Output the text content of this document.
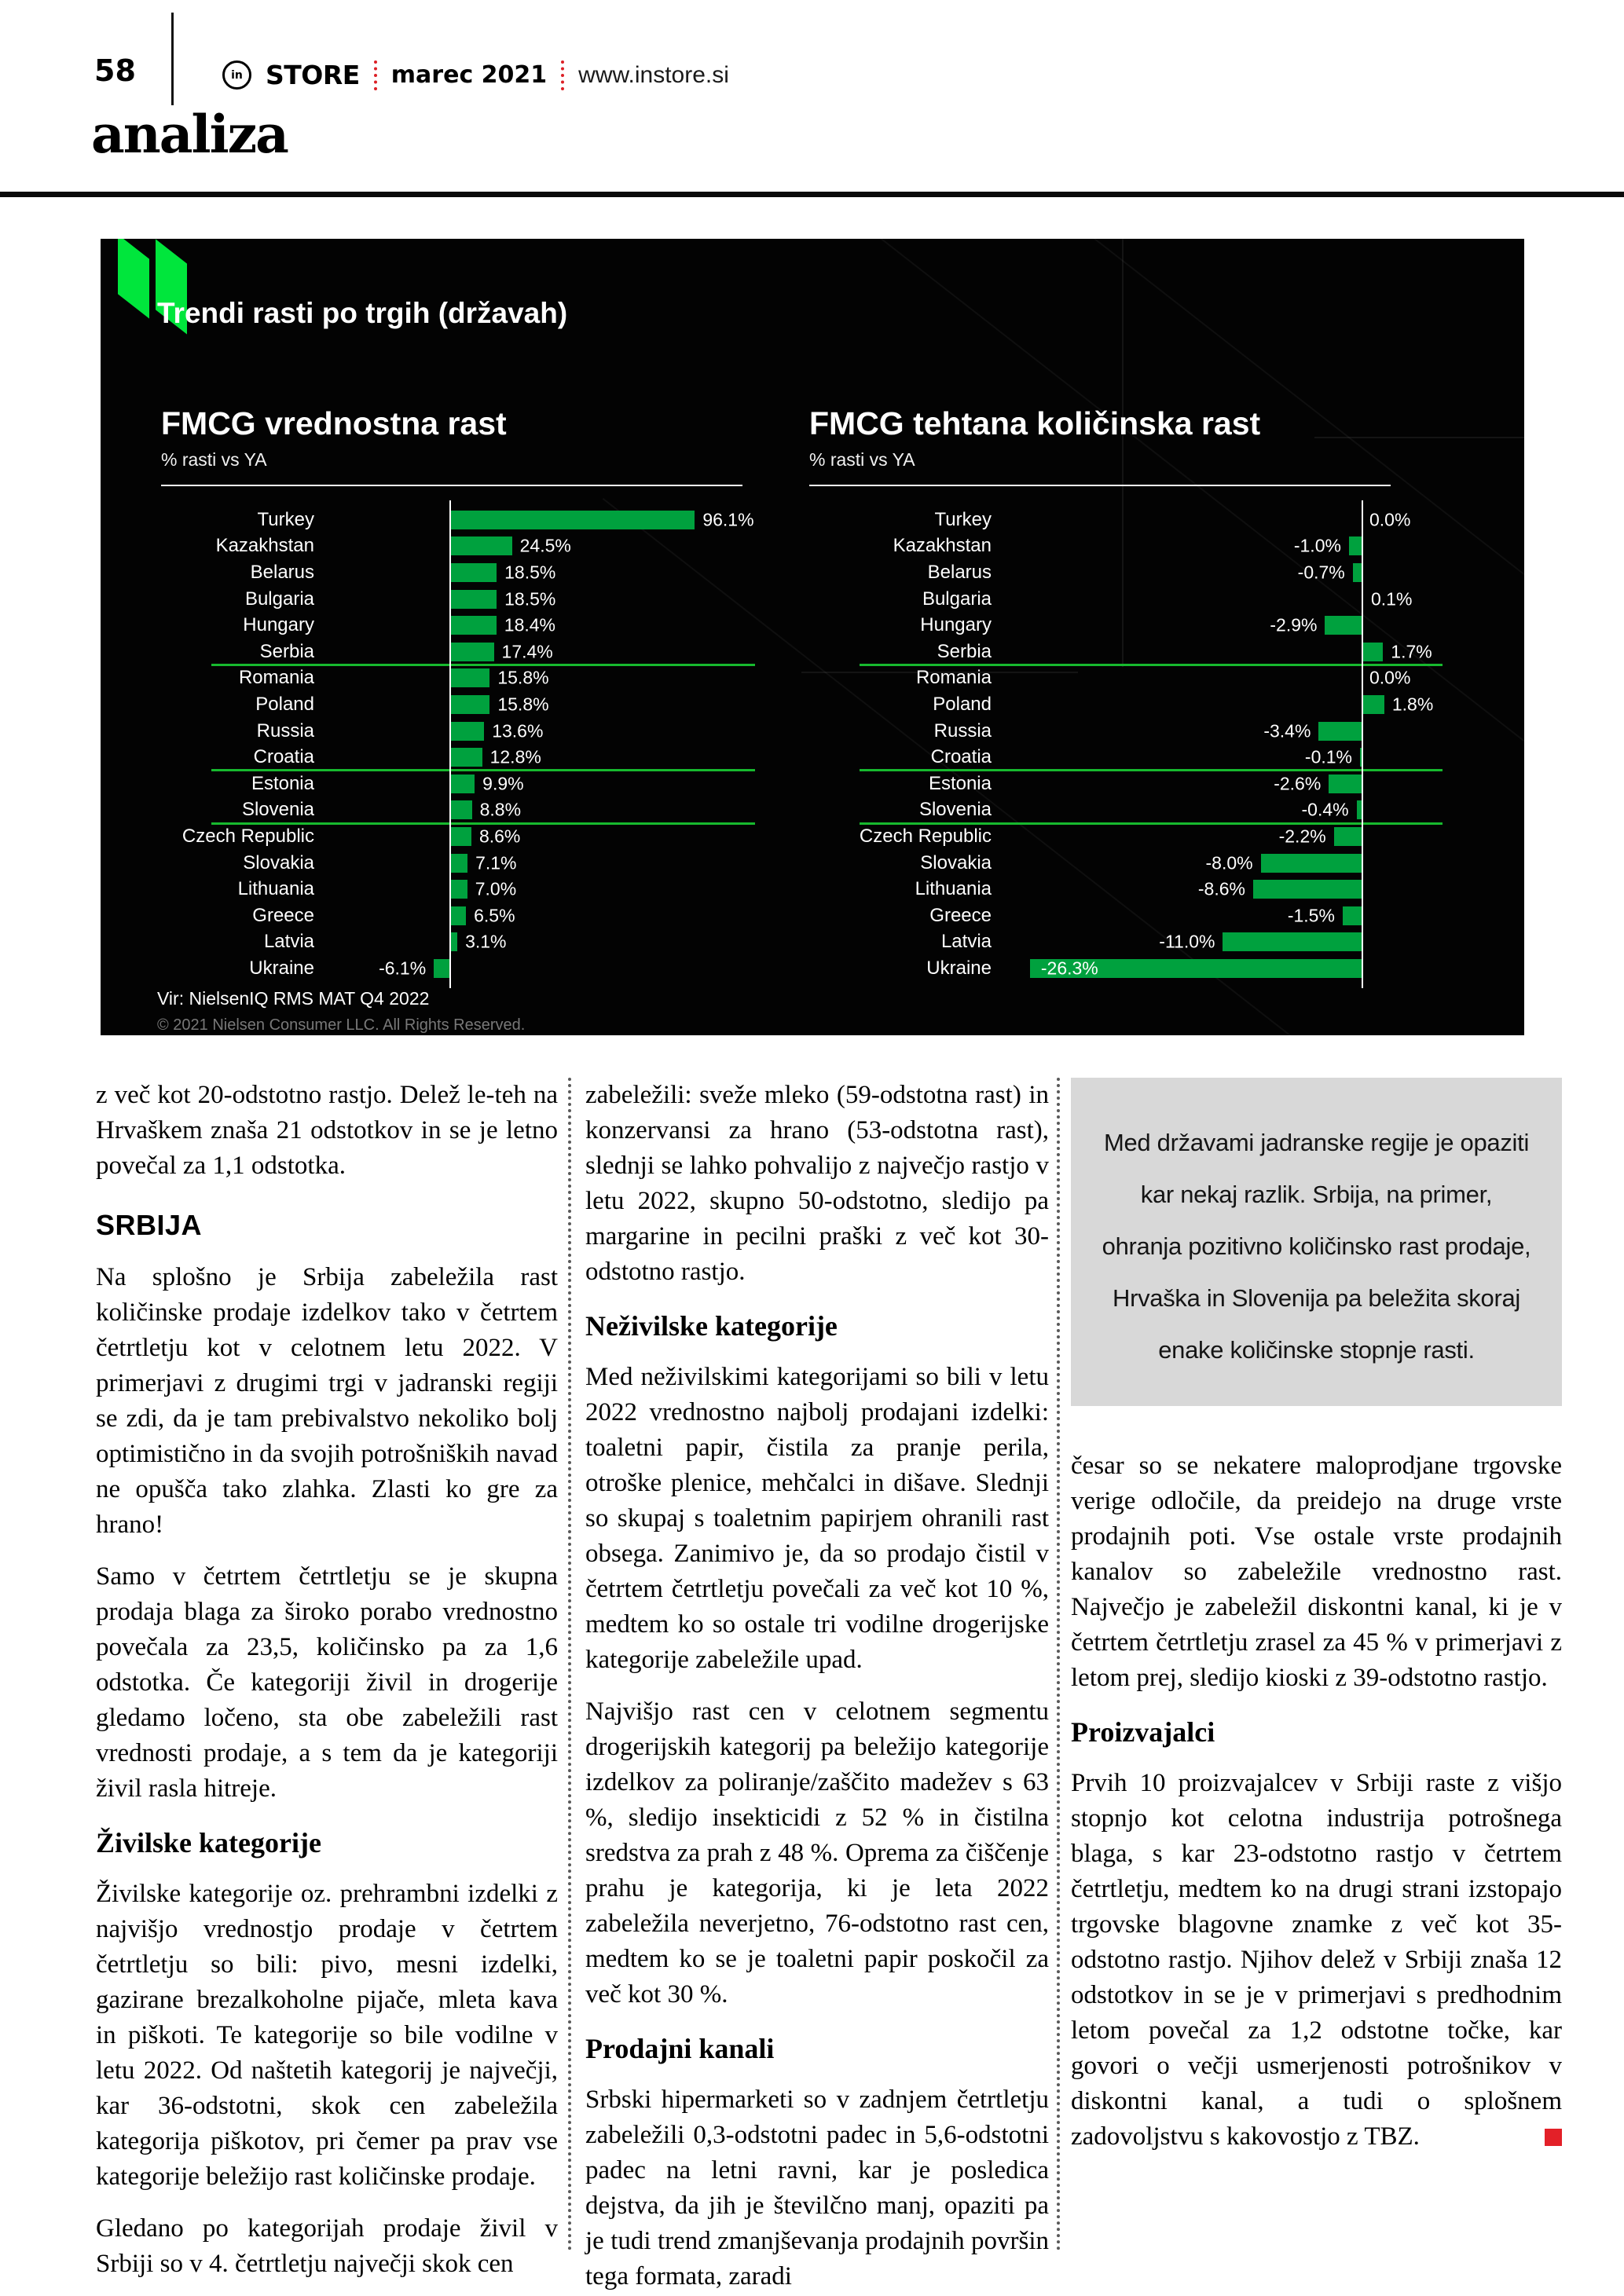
58	in STORE marec 2021 www.instore.si
analiza
Trendi rasti po trgih (državah)
FMCG vrednostna rast
% rasti vs YA
Turkey	96.1%
Kazakhstan	24.5%
Belarus	18.5%
Bulgaria	18.5%
Hungary	18.4%
Serbia	17.4%
Romania	15.8%
Poland	15.8%
Russia	13.6%
Croatia	12.8%
Estonia	9.9%
Slovenia	8.8%
Czech Republic	8.6%
Slovakia	7.1%
Lithuania	7.0%
Greece	6.5%
Latvia	3.1%
Ukraine	-6.1%
FMCG tehtana količinska rast
% rasti vs YA
Turkey	0.0%
Kazakhstan	-1.0%
Belarus	-0.7%
Bulgaria	0.1%
Hungary	-2.9%
Serbia	1.7%
Romania	0.0%
Poland	1.8%
Russia	-3.4%
Croatia	-0.1%
Estonia	-2.6%
Slovenia	-0.4%
Czech Republic	-2.2%
Slovakia	-8.0%
Lithuania	-8.6%
Greece	-1.5%
Latvia	-11.0%
Ukraine	-26.3%
Vir: NielsenIQ RMS MAT Q4 2022
© 2021 Nielsen Consumer LLC. All Rights Reserved.

z več kot 20-odstotno rastjo. Delež le-teh na Hrvaškem znaša 21 odstotkov in se je letno povečal za 1,1 odstotka.

SRBIJA

Na splošno je Srbija zabeležila rast količinske prodaje izdelkov tako v četrtem četrtletju kot v celotnem letu 2022. V primerjavi z drugimi trgi v jadranski regiji se zdi, da je tam prebivalstvo nekoliko bolj optimistično in da svojih potrošniških navad ne opušča tako zlahka. Zlasti ko gre za hrano!

Samo v četrtem četrtletju se je skupna prodaja blaga za široko porabo vrednostno povečala za 23,5, količinsko pa za 1,6 odstotka. Če kategoriji živil in drogerije gledamo ločeno, sta obe zabeležili rast vrednosti prodaje, a s tem da je kategoriji živil rasla hitreje.

Živilske kategorije

Živilske kategorije oz. prehrambni izdelki z najvišjo vrednostjo prodaje v četrtem četrtletju so bili: pivo, mesni izdelki, gazirane brezalkoholne pijače, mleta kava in piškoti. Te kategorije so bile vodilne v letu 2022. Od naštetih kategorij je največji, kar 36-odstotni, skok cen zabeležila kategorija piškotov, pri čemer pa prav vse kategorije beležijo rast količinske prodaje.

Gledano po kategorijah prodaje živil v Srbiji so v 4. četrtletju največji skok cen

zabeležili: sveže mleko (59-odstotna rast) in konzervansi za hrano (53-odstotna rast), slednji se lahko pohvalijo z največjo rastjo v letu 2022, skupno 50-odstotno, sledijo pa margarine in pecilni praški z več kot 30-odstotno rastjo.

Neživilske kategorije

Med neživilskimi kategorijami so bili v letu 2022 vrednostno najbolj prodajani izdelki: toaletni papir, čistila za pranje perila, otroške plenice, mehčalci in dišave. Slednji so skupaj s toaletnim papirjem ohranili rast obsega. Zanimivo je, da so prodajo čistil v četrtem četrtletju povečali za več kot 10 %, medtem ko so ostale tri vodilne drogerijske kategorije zabeležile upad.

Najvišjo rast cen v celotnem segmentu drogerijskih kategorij pa beležijo kategorije izdelkov za poliranje/zaščito madežev s 63 %, sledijo insekticidi z 52 % in čistilna sredstva za prah z 48 %. Oprema za čiščenje prahu je kategorija, ki je leta 2022 zabeležila neverjetno, 76-odstotno rast cen, medtem ko se je toaletni papir poskočil za več kot 30 %.

Prodajni kanali

Srbski hipermarketi so v zadnjem četrtletju zabeležili 0,3-odstotni padec in 5,6-odstotni padec na letni ravni, kar je posledica dejstva, da jih je številčno manj, opaziti pa je tudi trend zmanjševanja prodajnih površin tega formata, zaradi

Med državami jadranske regije je opaziti kar nekaj razlik. Srbija, na primer, ohranja pozitivno količinsko rast prodaje, Hrvaška in Slovenija pa beležita skoraj enake količinske stopnje rasti.

česar so se nekatere maloprodjane trgovske verige odločile, da preidejo na druge vrste prodajnih poti. Vse ostale vrste prodajnih kanalov so zabeležile vrednostno rast. Največjo je zabeležil diskontni kanal, ki je v četrtem četrtletju zrasel za 45 % v primerjavi z letom prej, sledijo kioski z 39-odstotno rastjo.

Proizvajalci

Prvih 10 proizvajalcev v Srbiji raste z višjo stopnjo kot celotna industrija potrošnega blaga, s kar 23-odstotno rastjo v četrtem četrtletju, medtem ko na drugi strani izstopajo trgovske blagovne znamke z več kot 35-odstotno rastjo. Njihov delež v Srbiji znaša 12 odstotkov in se je v primerjavi s predhodnim letom povečal za 1,2 odstotne točke, kar govori o večji usmerjenosti potrošnikov v diskontni kanal, a tudi o splošnem zadovoljstvu s kakovostjo z TBZ.
